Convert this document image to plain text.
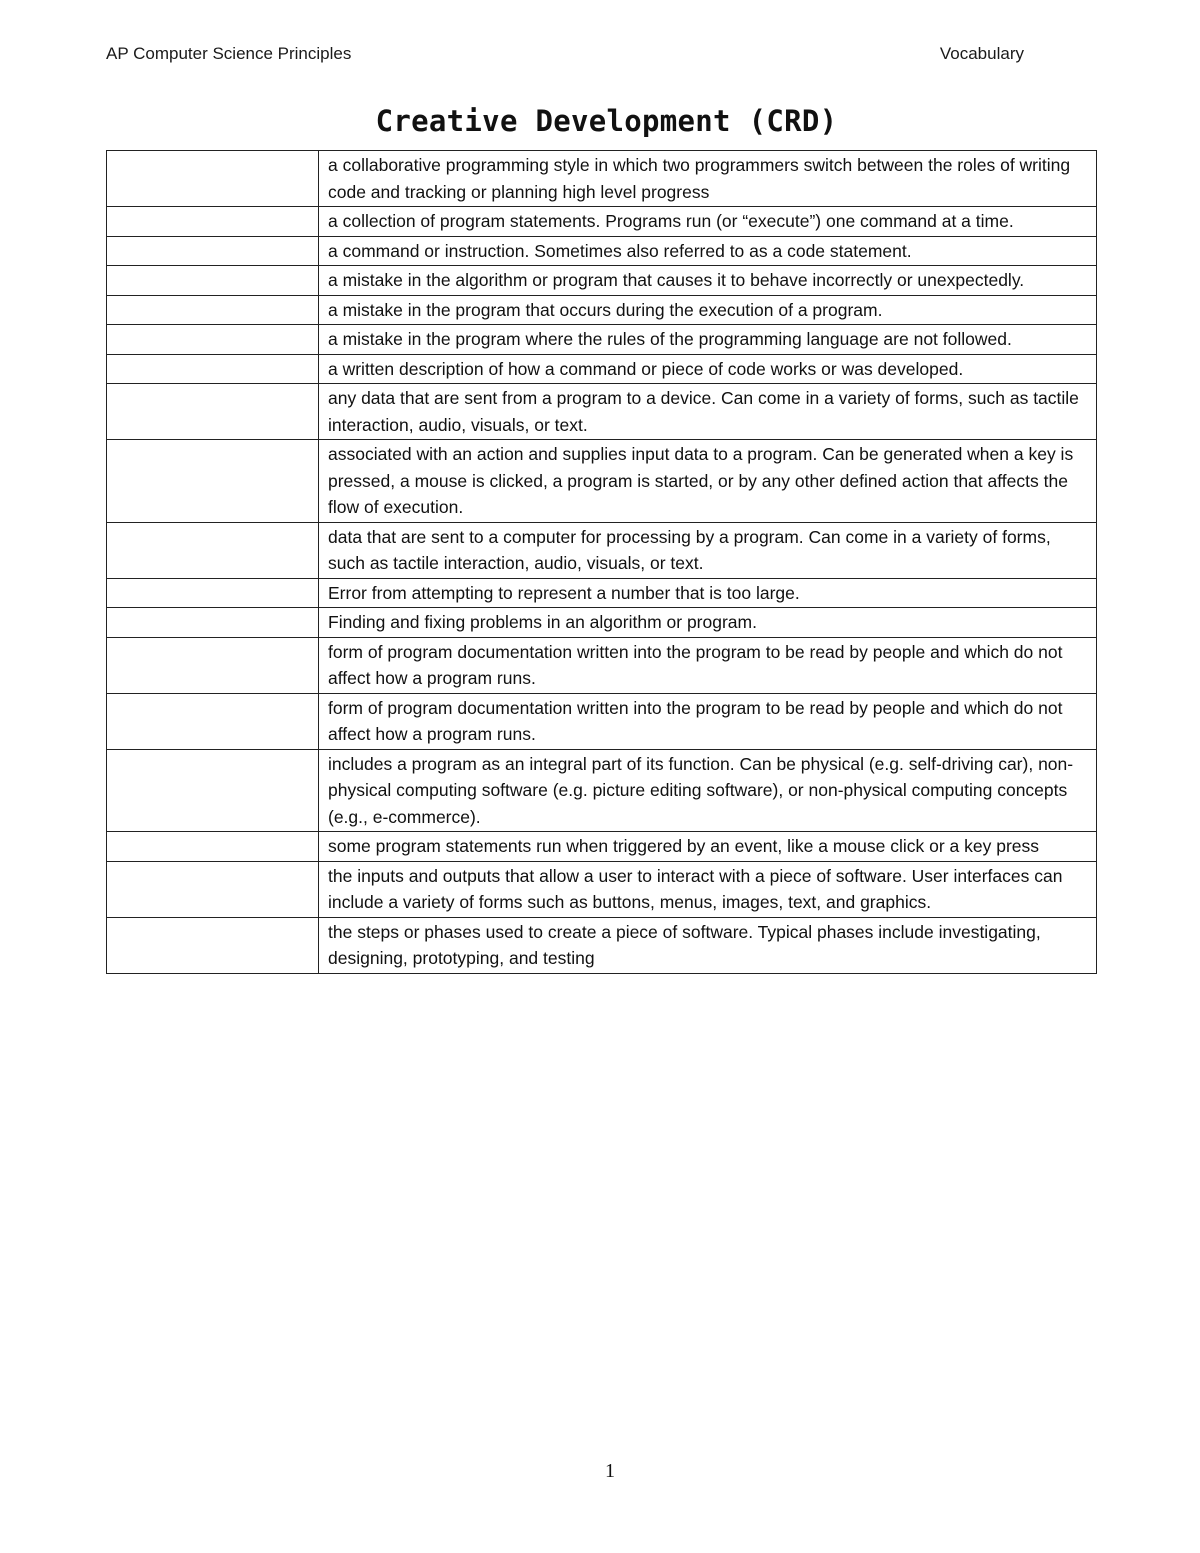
AP Computer Science Principles	Vocabulary
Creative Development (CRD)
	a collaborative programming style in which two programmers switch between the roles of writing code and tracking or planning high level progress
	a collection of program statements. Programs run (or “execute”) one command at a time.
	a command or instruction. Sometimes also referred to as a code statement.
	a mistake in the algorithm or program that causes it to behave incorrectly or unexpectedly.
	a mistake in the program that occurs during the execution of a program.
	a mistake in the program where the rules of the programming language are not followed.
	a written description of how a command or piece of code works or was developed.
	any data that are sent from a program to a device. Can come in a variety of forms, such as tactile interaction, audio, visuals, or text.
	associated with an action and supplies input data to a program. Can be generated when a key is pressed, a mouse is clicked, a program is started, or by any other defined action that affects the flow of execution.
	data that are sent to a computer for processing by a program. Can come in a variety of forms, such as tactile interaction, audio, visuals, or text.
	Error from attempting to represent a number that is too large.
	Finding and fixing problems in an algorithm or program.
	form of program documentation written into the program to be read by people and which do not affect how a program runs.
	form of program documentation written into the program to be read by people and which do not affect how a program runs.
	includes a program as an integral part of its function. Can be physical (e.g. self-driving car), non-physical computing software (e.g. picture editing software), or non-physical computing concepts (e.g., e-commerce).
	some program statements run when triggered by an event, like a mouse click or a key press
	the inputs and outputs that allow a user to interact with a piece of software. User interfaces can include a variety of forms such as buttons, menus, images, text, and graphics.
	the steps or phases used to create a piece of software. Typical phases include investigating, designing, prototyping, and testing
1
